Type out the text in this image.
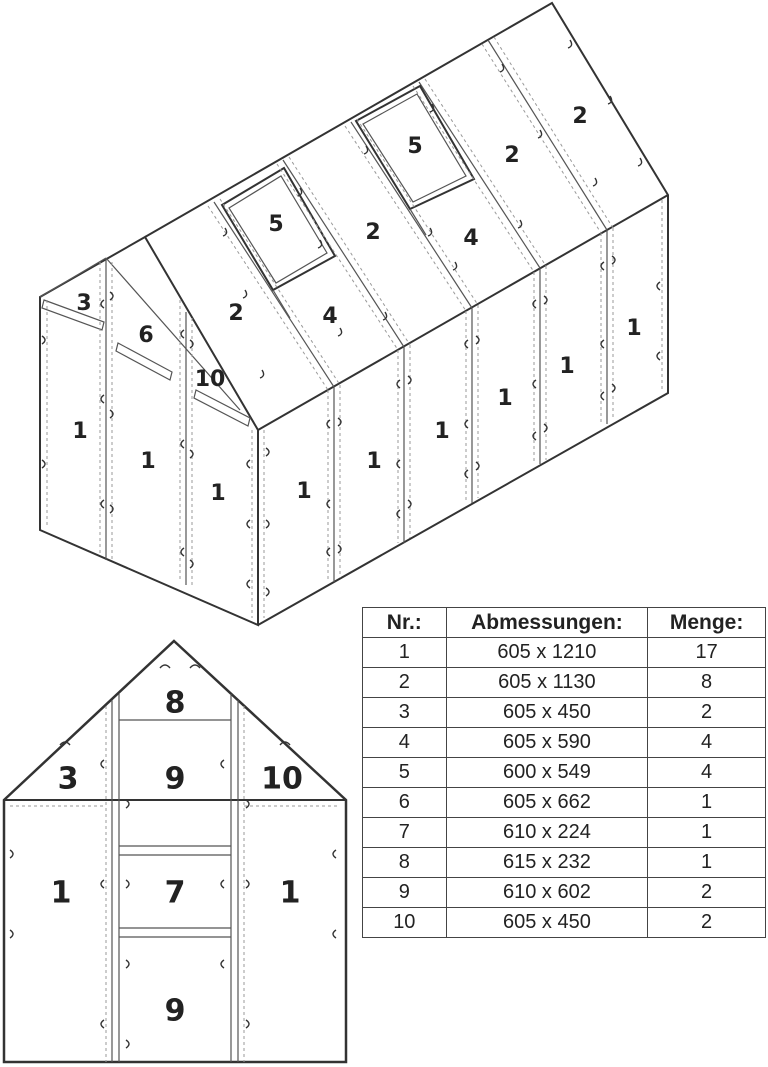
1
1
1	1
1
1
1
1
1
2
2
2
2
3
4
4
5
5
6
10
8
9
3	10
1	7	1
9
Nr.:	Abmessungen:	Menge:
1	605 x 1210	17
2	605 x 1130	8
3	605 x 450	2
4	605 x 590	4
5	600 x 549	4
6	605 x 662	1
7	610 x 224	1
8	615 x 232	1
9	610 x 602	2
10	605 x 450	2
